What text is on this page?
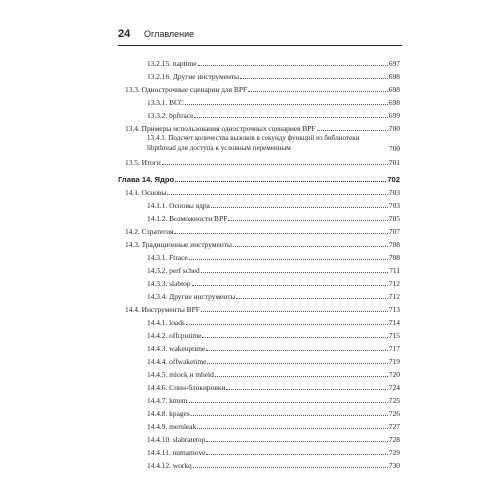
24 Оглавление
13.2.15. naptime	697
13.2.16. Другие инструменты	698
13.3. Однострочные сценарии для BPF	698
13.3.1. BCC	698
13.3.2. bpftrace	699
13.4. Примеры использования однострочных сценариев BPF	700
13.4.1. Подсчет количества вызовов в секунду функций из библиотеки libpthread для доступа к условным переменным	700
13.5. Итоги	701
Глава 14. Ядро	702
14.1. Основы	703
14.1.1. Основы ядра	703
14.1.2. Возможности BPF	705
14.2. Стратегия	707
14.3. Традиционные инструменты	708
14.3.1. Ftrace	708
14.3.2. perf sched	711
14.3.3. slabtop	712
14.3.4. Другие инструменты	712
14.4. Инструменты BPF	713
14.4.1. loads	714
14.4.2. offcputime	715
14.4.3. wakeuptime	717
14.4.4. offwaketime	719
14.4.5. mlock и mheld	720
14.4.6. Спин-блокировки	724
14.4.7. kmem	725
14.4.8. kpages	726
14.4.9. memleak	727
14.4.10. slabratetop	728
14.4.11. numamove	729
14.4.12. workq	730
